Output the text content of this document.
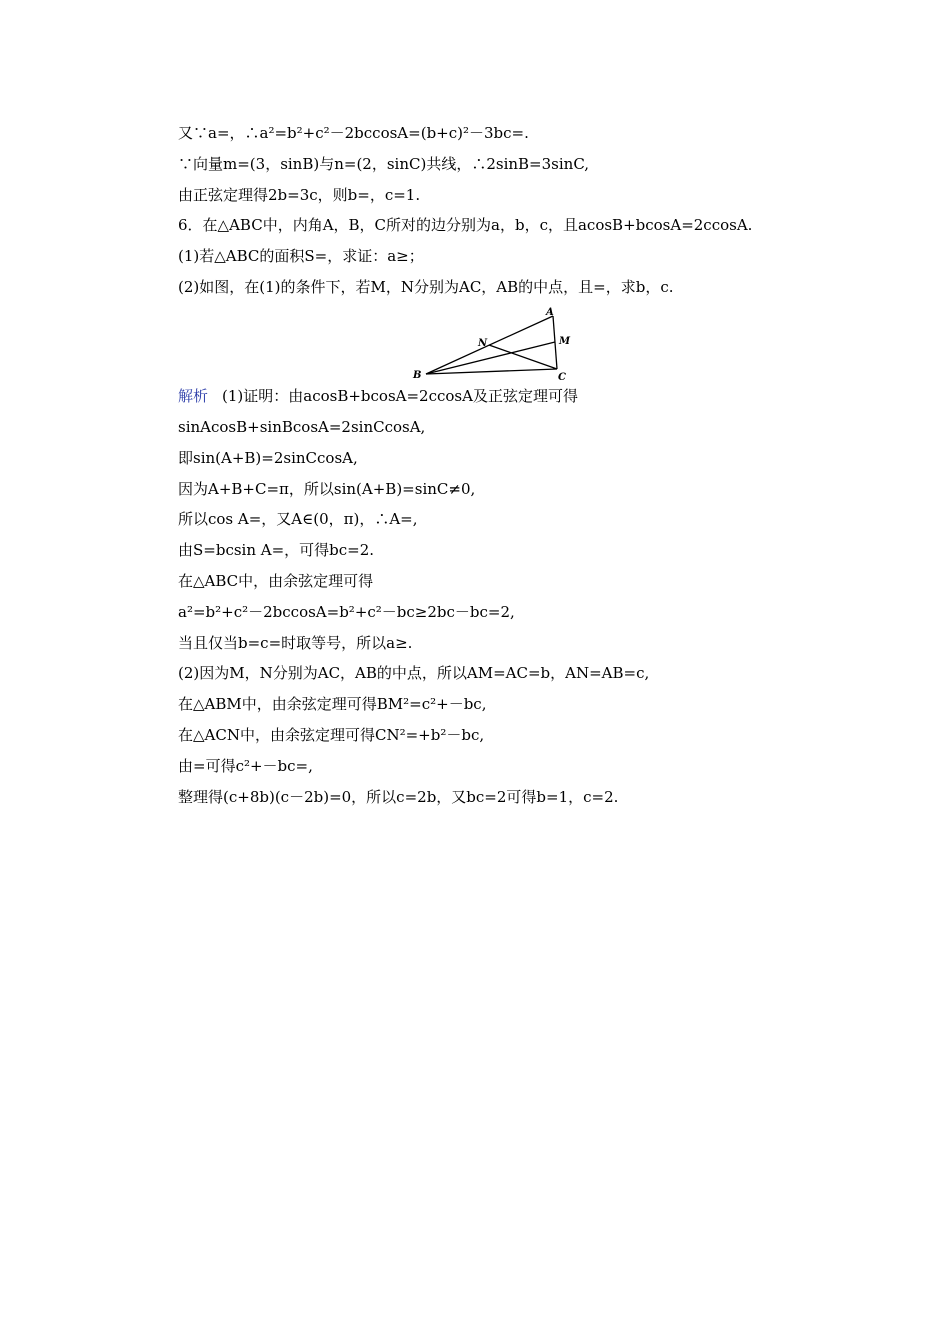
又∵a=，∴a²=b²+c²－2bccosA=(b+c)²－3bc=.
∵向量m=(3，sinB)与n=(2，sinC)共线，∴2sinB=3sinC,
由正弦定理得2b=3c，则b=，c=1.
6．在△ABC中，内角A，B，C所对的边分别为a，b，c，且acosB+bcosA=2ccosA.
(1)若△ABC的面积S=，求证：a≥；
(2)如图，在(1)的条件下，若M，N分别为AC，AB的中点，且=，求b，c.
A
B	C
M
N
解析 (1)证明：由acosB+bcosA=2ccosA及正弦定理可得
sinAcosB+sinBcosA=2sinCcosA,
即sin(A+B)=2sinCcosA,
因为A+B+C=π，所以sin(A+B)=sinC≠0,
所以cos A=，又A∈(0，π)，∴A=,
由S=bcsin A=，可得bc=2.
在△ABC中，由余弦定理可得
a²=b²+c²－2bccosA=b²+c²－bc≥2bc－bc=2,
当且仅当b=c=时取等号，所以a≥.
(2)因为M，N分别为AC，AB的中点，所以AM=AC=b，AN=AB=c,
在△ABM中，由余弦定理可得BM²=c²+－bc,
在△ACN中，由余弦定理可得CN²=+b²－bc,
由=可得c²+－bc=,
整理得(c+8b)(c－2b)=0，所以c=2b，又bc=2可得b=1，c=2.
